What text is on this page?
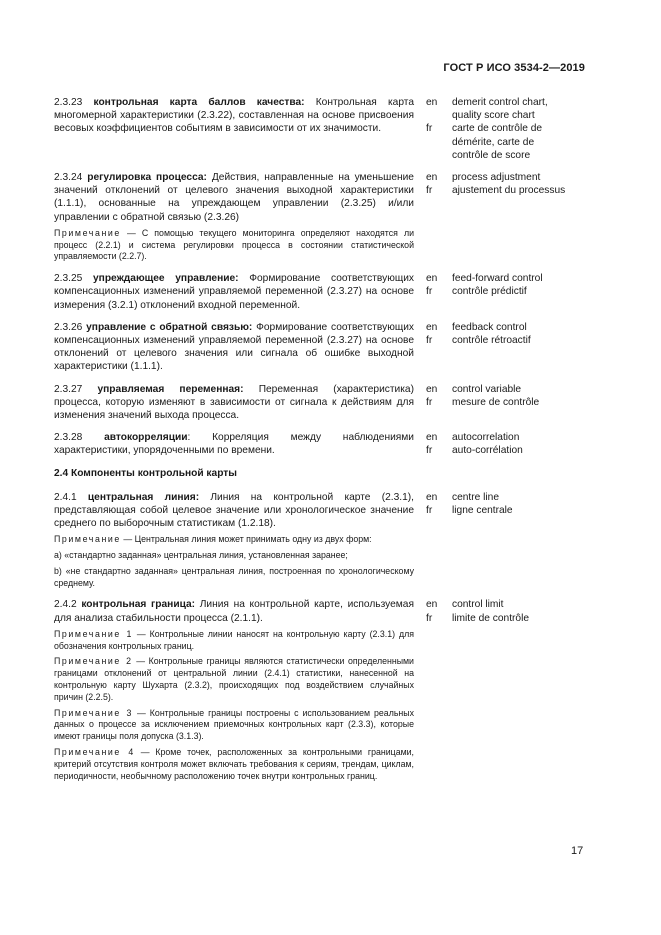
ГОСТ Р ИСО 3534-2—2019
2.3.23 контрольная карта баллов качества: Контрольная карта многомерной характеристики (2.3.22), составленная на основе присвоения весовых коэффициентов событиям в зависимости от их значимости.
en	demerit control chart,
quality score chart
fr	carte de contrôle de
démérite, carte de
contrôle de score
2.3.24 регулировка процесса: Действия, направленные на уменьшение значений отклонений от целевого значения выходной характеристики (1.1.1), основанные на упреждающем управлении (2.3.25) и/или управлении с обратной связью (2.3.26)
Примечание — С помощью текущего мониторинга определяют находятся ли процесс (2.2.1) и система регулировки процесса в состоянии статистической управляемости (2.2.7).
en	process adjustment
fr	ajustement du processus
2.3.25 упреждающее управление: Формирование соответствующих компенсационных изменений управляемой переменной (2.3.27) на основе измерения (3.2.1) отклонений входной переменной.
en	feed-forward control
fr	contrôle prédictif
2.3.26 управление с обратной связью: Формирование соответствующих компенсационных изменений управляемой переменной (2.3.27) на основе отклонений от целевого значения или сигнала об ошибке выходной характеристики (1.1.1).
en	feedback control
fr	contrôle rétroactif
2.3.27 управляемая переменная: Переменная (характеристика) процесса, которую изменяют в зависимости от сигнала к действиям для изменения значений выхода процесса.
en	control variable
fr	mesure de contrôle
2.3.28 автокорреляции: Корреляция между наблюдениями характеристики, упорядоченными по времени.
en	autocorrelation
fr	auto-corrélation
2.4 Компоненты контрольной карты
2.4.1 центральная линия: Линия на контрольной карте (2.3.1), представляющая собой целевое значение или хронологическое значение среднего по выборочным статистикам (1.2.18).
Примечание — Центральная линия может принимать одну из двух форм:
a) «стандартно заданная» центральная линия, установленная заранее;
b) «не стандартно заданная» центральная линия, построенная по хронологическому среднему.
en	centre line
fr	ligne centrale
2.4.2 контрольная граница: Линия на контрольной карте, используемая для анализа стабильности процесса (2.1.1).
Примечание 1 — Контрольные линии наносят на контрольную карту (2.3.1) для обозначения контрольных границ.
Примечание 2 — Контрольные границы являются статистически определенными границами отклонений от центральной линии (2.4.1) статистики, нанесенной на контрольную карту Шухарта (2.3.2), происходящих под воздействием случайных причин (2.2.5).
Примечание 3 — Контрольные границы построены с использованием реальных данных о процессе за исключением приемочных контрольных карт (2.3.3), которые имеют границы поля допуска (3.1.3).
Примечание 4 — Кроме точек, расположенных за контрольными границами, критерий отсутствия контроля может включать требования к сериям, трендам, циклам, периодичности, необычному расположению точек внутри контрольных границ.
en	control limit
fr	limite de contrôle
17
